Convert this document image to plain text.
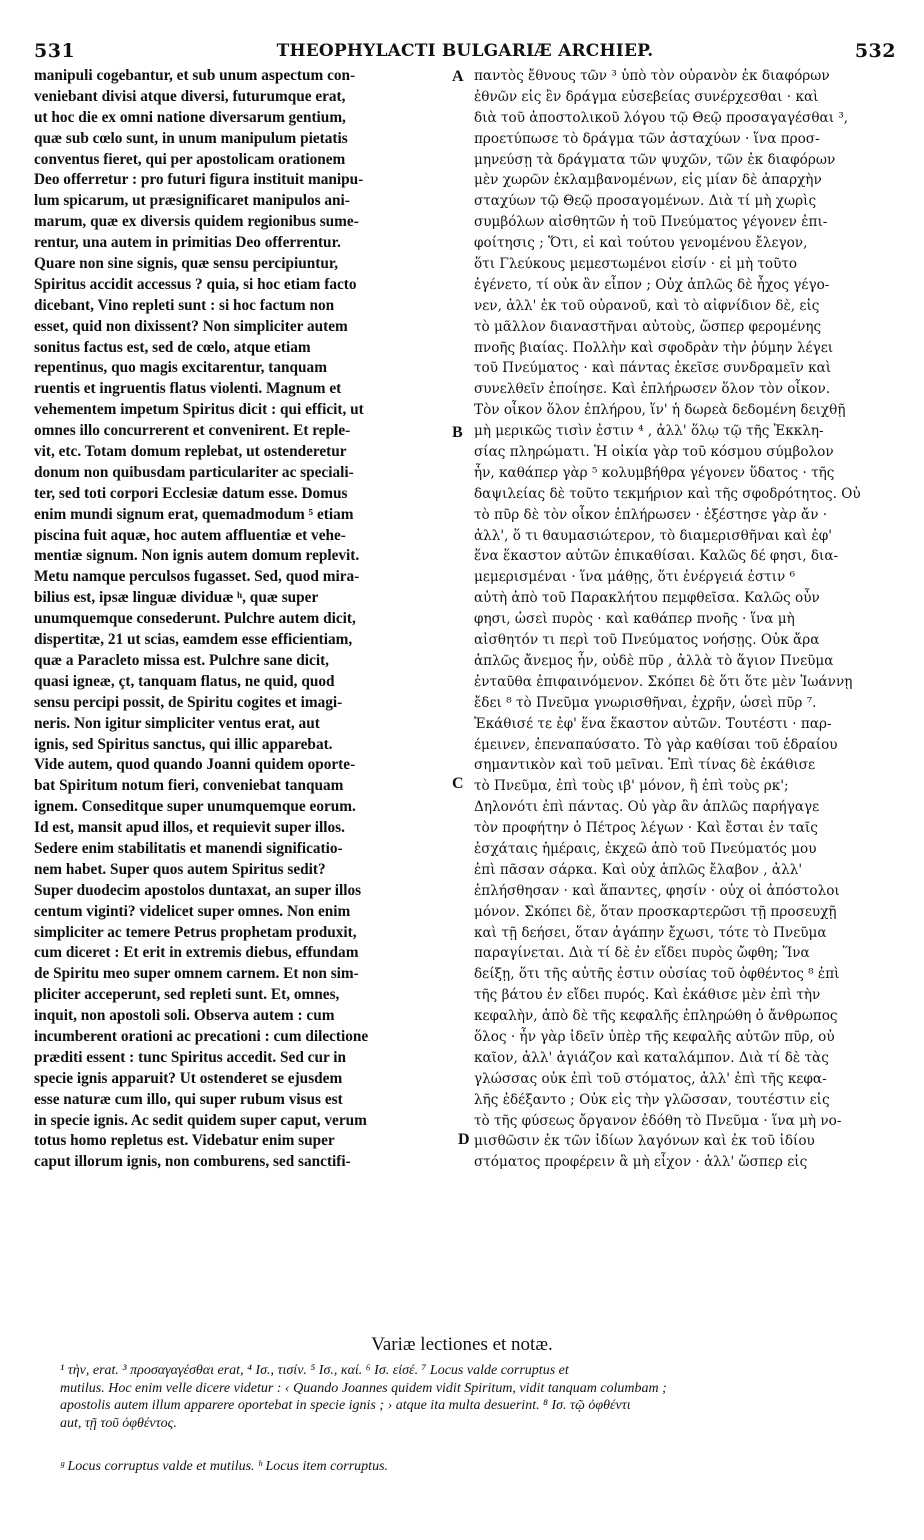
531	THEOPHYLACTI BULGARIÆ ARCHIEP.	532
manipuli cogebantur, et sub unum aspectum con-
veniebant divisi atque diversi, futurumque erat,
ut hoc die ex omni natione diversarum gentium,
quæ sub cœlo sunt, in unum manipulum pietatis
conventus fieret, qui per apostolicam orationem
Deo offerretur : pro futuri figura instituit manipu-
lum spicarum, ut præsignificaret manipulos ani-
marum, quæ ex diversis quidem regionibus sume-
rentur, una autem in primitias Deo offerrentur.
Quare non sine signis, quæ sensu percipiuntur,
Spiritus accidit accessus ? quia, si hoc etiam facto
dicebant, Vino repleti sunt : si hoc factum non
esset, quid non dixissent? Non simpliciter autem
sonitus factus est, sed de cœlo, atque etiam
repentinus, quo magis excitarentur, tanquam
ruentis et ingruentis flatus violenti. Magnum et
vehementem impetum Spiritus dicit : qui efficit, ut
omnes illo concurrerent et convenirent. Et reple-
vit, etc. Totam domum replebat, ut ostenderetur
donum non quibusdam particulariter ac speciali-
ter, sed toti corpori Ecclesiæ datum esse. Domus
enim mundi signum erat, quemadmodum ⁵ etiam
piscina fuit aquæ, hoc autem affluentiæ et vehe-
mentiæ signum. Non ignis autem domum replevit.
Metu namque perculsos fugasset. Sed, quod mira-
bilius est, ipsæ linguæ dividuæ ʰ, quæ super
unumquemque consederunt. Pulchre autem dicit,
dispertitæ, 21 ut scias, eamdem esse efficientiam,
quæ a Paracleto missa est. Pulchre sane dicit,
quasi igneæ, çt, tanquam flatus, ne quid, quod
sensu percipi possit, de Spiritu cogites et imagi-
neris. Non igitur simpliciter ventus erat, aut
ignis, sed Spiritus sanctus, qui illic apparebat.
Vide autem, quod quando Joanni quidem oporte-
bat Spiritum notum fieri, conveniebat tanquam
ignem. Conseditque super unumquemque eorum.
Id est, mansit apud illos, et requievit super illos.
Sedere enim stabilitatis et manendi significatio-
nem habet. Super quos autem Spiritus sedit?
Super duodecim apostolos duntaxat, an super illos
centum viginti? videlicet super omnes. Non enim
simpliciter ac temere Petrus prophetam produxit,
cum diceret : Et erit in extremis diebus, effundam
de Spiritu meo super omnem carnem. Et non sim-
pliciter acceperunt, sed repleti sunt. Et, omnes,
inquit, non apostoli soli. Observa autem : cum
incumberent orationi ac precationi : cum dilectione
præditi essent : tunc Spiritus accedit. Sed cur in
specie ignis apparuit? Ut ostenderet se ejusdem
esse naturæ cum illo, qui super rubum visus est
in specie ignis. Ac sedit quidem super caput, verum
totus homo repletus est. Videbatur enim super
caput illorum ignis, non comburens, sed sanctifi-
A
B
C
D
παντὸς ἔθνους τῶν ³ ὑπὸ τὸν οὐρανὸν ἐκ διαφόρων
ἐθνῶν εἰς ἓν δράγμα εὐσεβείας συνέρχεσθαι · καὶ
διὰ τοῦ ἀποστολικοῦ λόγου τῷ Θεῷ προσαγαγέσθαι ³,
προετύπωσε τὸ δράγμα τῶν ἀσταχύων · ἵνα προσ-
μηνεύσῃ τὰ δράγματα τῶν ψυχῶν, τῶν ἐκ διαφόρων
μὲν χωρῶν ἐκλαμβανομένων, εἰς μίαν δὲ ἀπαρχὴν
σταχύων τῷ Θεῷ προσαγομένων. Διὰ τί μὴ χωρὶς
συμβόλων αἰσθητῶν ἡ τοῦ Πνεύματος γέγονεν ἐπι-
φοίτησις ; Ὅτι, εἰ καὶ τούτου γενομένου ἔλεγον,
ὅτι Γλεύκους μεμεστωμένοι εἰσίν · εἰ μὴ τοῦτο
ἐγένετο, τί οὐκ ἂν εἶπον ; Οὐχ ἁπλῶς δὲ ἦχος γέγο-
νεν, ἀλλ' ἐκ τοῦ οὐρανοῦ, καὶ τὸ αἰφνίδιον δὲ, εἰς
τὸ μᾶλλον διαναστῆναι αὐτοὺς, ὥσπερ φερομένης
πνοῆς βιαίας. Πολλὴν καὶ σφοδρὰν τὴν ῥύμην λέγει
τοῦ Πνεύματος · καὶ πάντας ἐκεῖσε συνδραμεῖν καὶ
συνελθεῖν ἐποίησε. Καὶ ἐπλήρωσεν ὅλον τὸν οἶκον.
Τὸν οἶκον ὅλον ἐπλήρου, ἵν' ἡ δωρεὰ δεδομένη δειχθῇ
μὴ μερικῶς τισὶν ἐστιν ⁴ , ἀλλ' ὅλῳ τῷ τῆς Ἐκκλη-
σίας πληρώματι. Ἡ οἰκία γὰρ τοῦ κόσμου σύμβολον
ἦν, καθάπερ γὰρ ⁵ κολυμβήθρα γέγονεν ὕδατος · τῆς
δαψιλείας δὲ τοῦτο τεκμήριον καὶ τῆς σφοδρότητος. Οὐ
τὸ πῦρ δὲ τὸν οἶκον ἐπλήρωσεν · ἐξέστησε γὰρ ἄν ·
ἀλλ', ὅ τι θαυμασιώτερον, τὸ διαμερισθῆναι καὶ ἐφ'
ἕνα ἕκαστον αὐτῶν ἐπικαθίσαι. Καλῶς δέ φησι, δια-
μεμερισμέναι · ἵνα μάθῃς, ὅτι ἐνέργειά ἐστιν ⁶
αὐτὴ ἀπὸ τοῦ Παρακλήτου πεμφθεῖσα. Καλῶς οὖν
φησι, ὡσεὶ πυρὸς · καὶ καθάπερ πνοῆς · ἵνα μὴ
αἰσθητόν τι περὶ τοῦ Πνεύματος νοήσῃς. Οὐκ ἄρα
ἁπλῶς ἄνεμος ἦν, οὐδὲ πῦρ , ἀλλὰ τὸ ἅγιον Πνεῦμα
ἐνταῦθα ἐπιφαινόμενον. Σκόπει δὲ ὅτι ὅτε μὲν Ἰωάννῃ
ἔδει ⁸ τὸ Πνεῦμα γνωρισθῆναι, ἐχρῆν, ὡσεὶ πῦρ ⁷.
Ἐκάθισέ τε ἐφ' ἕνα ἕκαστον αὐτῶν. Τουτέστι · παρ-
έμεινεν, ἐπεναπαύσατο. Τὸ γὰρ καθίσαι τοῦ ἑδραίου
σημαντικὸν καὶ τοῦ μεῖναι. Ἐπὶ τίνας δὲ ἐκάθισε
τὸ Πνεῦμα, ἐπὶ τοὺς ιβ' μόνον, ἢ ἐπὶ τοὺς ρκ';
Δηλονότι ἐπὶ πάντας. Οὐ γὰρ ἂν ἁπλῶς παρήγαγε
τὸν προφήτην ὁ Πέτρος λέγων · Καὶ ἔσται ἐν ταῖς
ἐσχάταις ἡμέραις, ἐκχεῶ ἀπὸ τοῦ Πνεύματός μου
ἐπὶ πᾶσαν σάρκα. Καὶ οὐχ ἁπλῶς ἔλαβον , ἀλλ'
ἐπλήσθησαν · καὶ ἅπαντες, φησίν · οὐχ οἱ ἀπόστολοι
μόνον. Σκόπει δὲ, ὅταν προσκαρτερῶσι τῇ προσευχῇ
καὶ τῇ δεήσει, ὅταν ἀγάπην ἔχωσι, τότε τὸ Πνεῦμα
παραγίνεται. Διὰ τί δὲ ἐν εἴδει πυρὸς ὤφθη; Ἵνα
δείξῃ, ὅτι τῆς αὐτῆς ἐστιν οὐσίας τοῦ ὀφθέντος ⁸ ἐπὶ
τῆς βάτου ἐν εἴδει πυρός. Καὶ ἐκάθισε μὲν ἐπὶ τὴν
κεφαλὴν, ἀπὸ δὲ τῆς κεφαλῆς ἐπληρώθη ὁ ἄνθρωπος
ὅλος · ἦν γὰρ ἰδεῖν ὑπὲρ τῆς κεφαλῆς αὐτῶν πῦρ, οὐ
καῖον, ἀλλ' ἁγιάζον καὶ καταλάμπον. Διὰ τί δὲ τὰς
γλώσσας οὐκ ἐπὶ τοῦ στόματος, ἀλλ' ἐπὶ τῆς κεφα-
λῆς ἐδέξαντο ; Οὐκ εἰς τὴν γλῶσσαν, τουτέστιν εἰς
τὸ τῆς φύσεως ὄργανον ἐδόθη τὸ Πνεῦμα · ἵνα μὴ νο-
μισθῶσιν ἐκ τῶν ἰδίων λαγόνων καὶ ἐκ τοῦ ἰδίου
στόματος προφέρειν ἃ μὴ εἶχον · ἀλλ' ὥσπερ εἰς
Variæ lectiones et notæ.
¹ τὴν, erat. ³ προσαγαγέσθαι erat, ⁴ Ισ., τισίν. ⁵ Ισ., καί. ⁶ Ισ. εἰσέ. ⁷ Locus valde corruptus et
mutilus. Hoc enim velle dicere videtur : ‹ Quando Joannes quidem vidit Spiritum, vidit tanquam columbam ;
apostolis autem illum apparere oportebat in specie ignis ; › atque ita multa desuerint. ⁸ Ισ. τῷ ὀφθέντι
aut, τῇ τοῦ ὀφθέντος.
ᵍ Locus corruptus valde et mutilus. ʰ Locus item corruptus.
